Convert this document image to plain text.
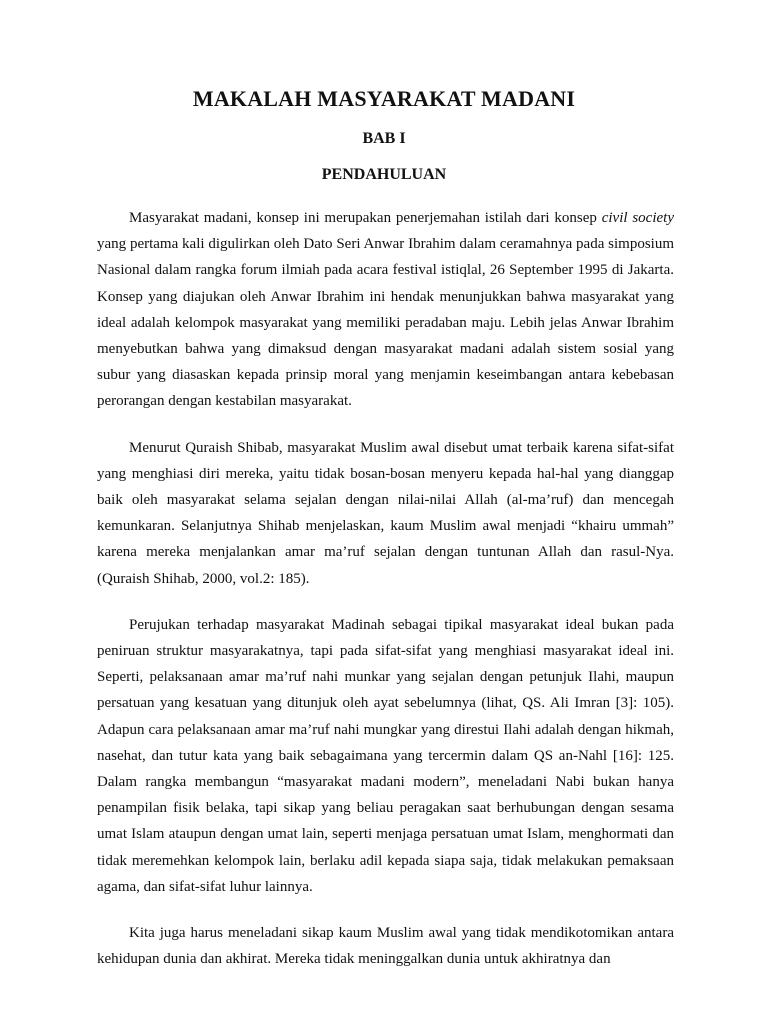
MAKALAH MASYARAKAT MADANI
BAB I
PENDAHULUAN

Masyarakat madani, konsep ini merupakan penerjemahan istilah dari konsep civil society yang pertama kali digulirkan oleh Dato Seri Anwar Ibrahim dalam ceramahnya pada simposium Nasional dalam rangka forum ilmiah pada acara festival istiqlal, 26 September 1995 di Jakarta. Konsep yang diajukan oleh Anwar Ibrahim ini hendak menunjukkan bahwa masyarakat yang ideal adalah kelompok masyarakat yang memiliki peradaban maju. Lebih jelas Anwar Ibrahim menyebutkan bahwa yang dimaksud dengan masyarakat madani adalah sistem sosial yang subur yang diasaskan kepada prinsip moral yang menjamin keseimbangan antara kebebasan perorangan dengan kestabilan masyarakat.

Menurut Quraish Shibab, masyarakat Muslim awal disebut umat terbaik karena sifat-sifat yang menghiasi diri mereka, yaitu tidak bosan-bosan menyeru kepada hal-hal yang dianggap baik oleh masyarakat selama sejalan dengan nilai-nilai Allah (al-ma’ruf) dan mencegah kemunkaran. Selanjutnya Shihab menjelaskan, kaum Muslim awal menjadi “khairu ummah” karena mereka menjalankan amar ma’ruf sejalan dengan tuntunan Allah dan rasul-Nya. (Quraish Shihab, 2000, vol.2: 185).

Perujukan terhadap masyarakat Madinah sebagai tipikal masyarakat ideal bukan pada peniruan struktur masyarakatnya, tapi pada sifat-sifat yang menghiasi masyarakat ideal ini. Seperti, pelaksanaan amar ma’ruf nahi munkar yang sejalan dengan petunjuk Ilahi, maupun persatuan yang kesatuan yang ditunjuk oleh ayat sebelumnya (lihat, QS. Ali Imran [3]: 105). Adapun cara pelaksanaan amar ma’ruf nahi mungkar yang direstui Ilahi adalah dengan hikmah, nasehat, dan tutur kata yang baik sebagaimana yang tercermin dalam QS an-Nahl [16]: 125. Dalam rangka membangun “masyarakat madani modern”, meneladani Nabi bukan hanya penampilan fisik belaka, tapi sikap yang beliau peragakan saat berhubungan dengan sesama umat Islam ataupun dengan umat lain, seperti menjaga persatuan umat Islam, menghormati dan tidak meremehkan kelompok lain, berlaku adil kepada siapa saja, tidak melakukan pemaksaan agama, dan sifat-sifat luhur lainnya.

Kita juga harus meneladani sikap kaum Muslim awal yang tidak mendikotomikan antara kehidupan dunia dan akhirat. Mereka tidak meninggalkan dunia untuk akhiratnya dan
